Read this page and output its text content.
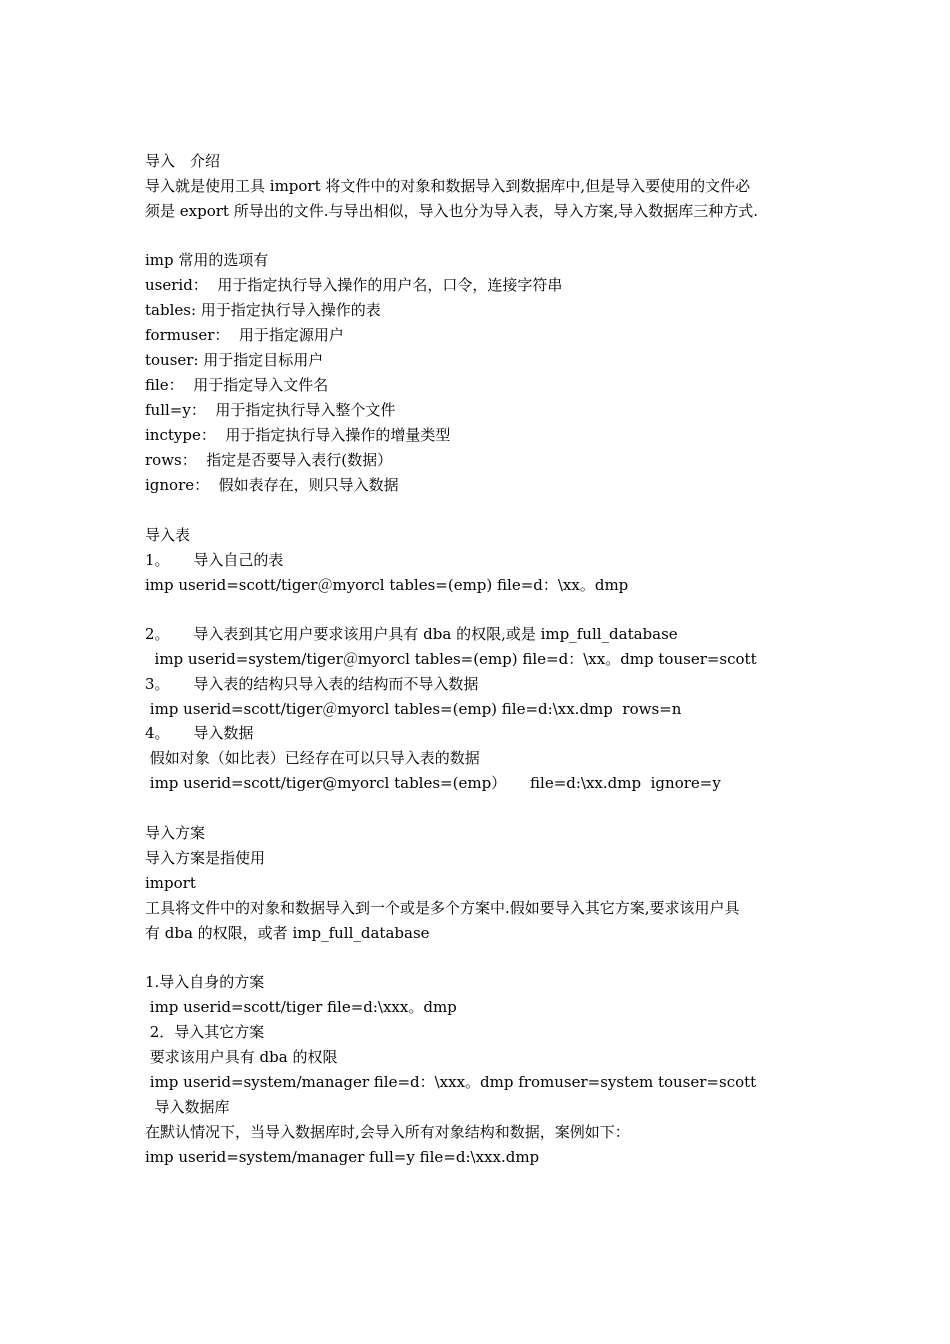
导入　介绍
导入就是使用工具 import 将文件中的对象和数据导入到数据库中,但是导入要使用的文件必
须是 export 所导出的文件.与导出相似，导入也分为导入表，导入方案,导入数据库三种方式.
imp 常用的选项有
userid：  用于指定执行导入操作的用户名，口令，连接字符串
tables: 用于指定执行导入操作的表
formuser：  用于指定源用户
touser: 用于指定目标用户
file：  用于指定导入文件名
full=y：  用于指定执行导入整个文件
inctype：  用于指定执行导入操作的增量类型
rows：  指定是否要导入表行(数据）
ignore：  假如表存在，则只导入数据
导入表
1。     导入自己的表
imp userid=scott/tiger＠myorcl tables=(emp) file=d：\xx。dmp
2。     导入表到其它用户要求该用户具有 dba 的权限,或是 imp_full_database
imp userid=system/tiger＠myorcl tables=(emp) file=d：\xx。dmp touser=scott
3。     导入表的结构只导入表的结构而不导入数据
imp userid=scott/tiger＠myorcl tables=(emp) file=d:\xx.dmp  rows=n
4。     导入数据
假如对象（如比表）已经存在可以只导入表的数据
imp userid=scott/tiger@myorcl tables=(emp）     file=d:\xx.dmp  ignore=y
导入方案
导入方案是指使用
import
工具将文件中的对象和数据导入到一个或是多个方案中.假如要导入其它方案,要求该用户具
有 dba 的权限，或者 imp_full_database
1.导入自身的方案
imp userid=scott/tiger file=d:\xxx。dmp
2．导入其它方案
要求该用户具有 dba 的权限
imp userid=system/manager file=d：\xxx。dmp fromuser=system touser=scott
导入数据库
在默认情况下，当导入数据库时,会导入所有对象结构和数据，案例如下：
imp userid=system/manager full=y file=d:\xxx.dmp
